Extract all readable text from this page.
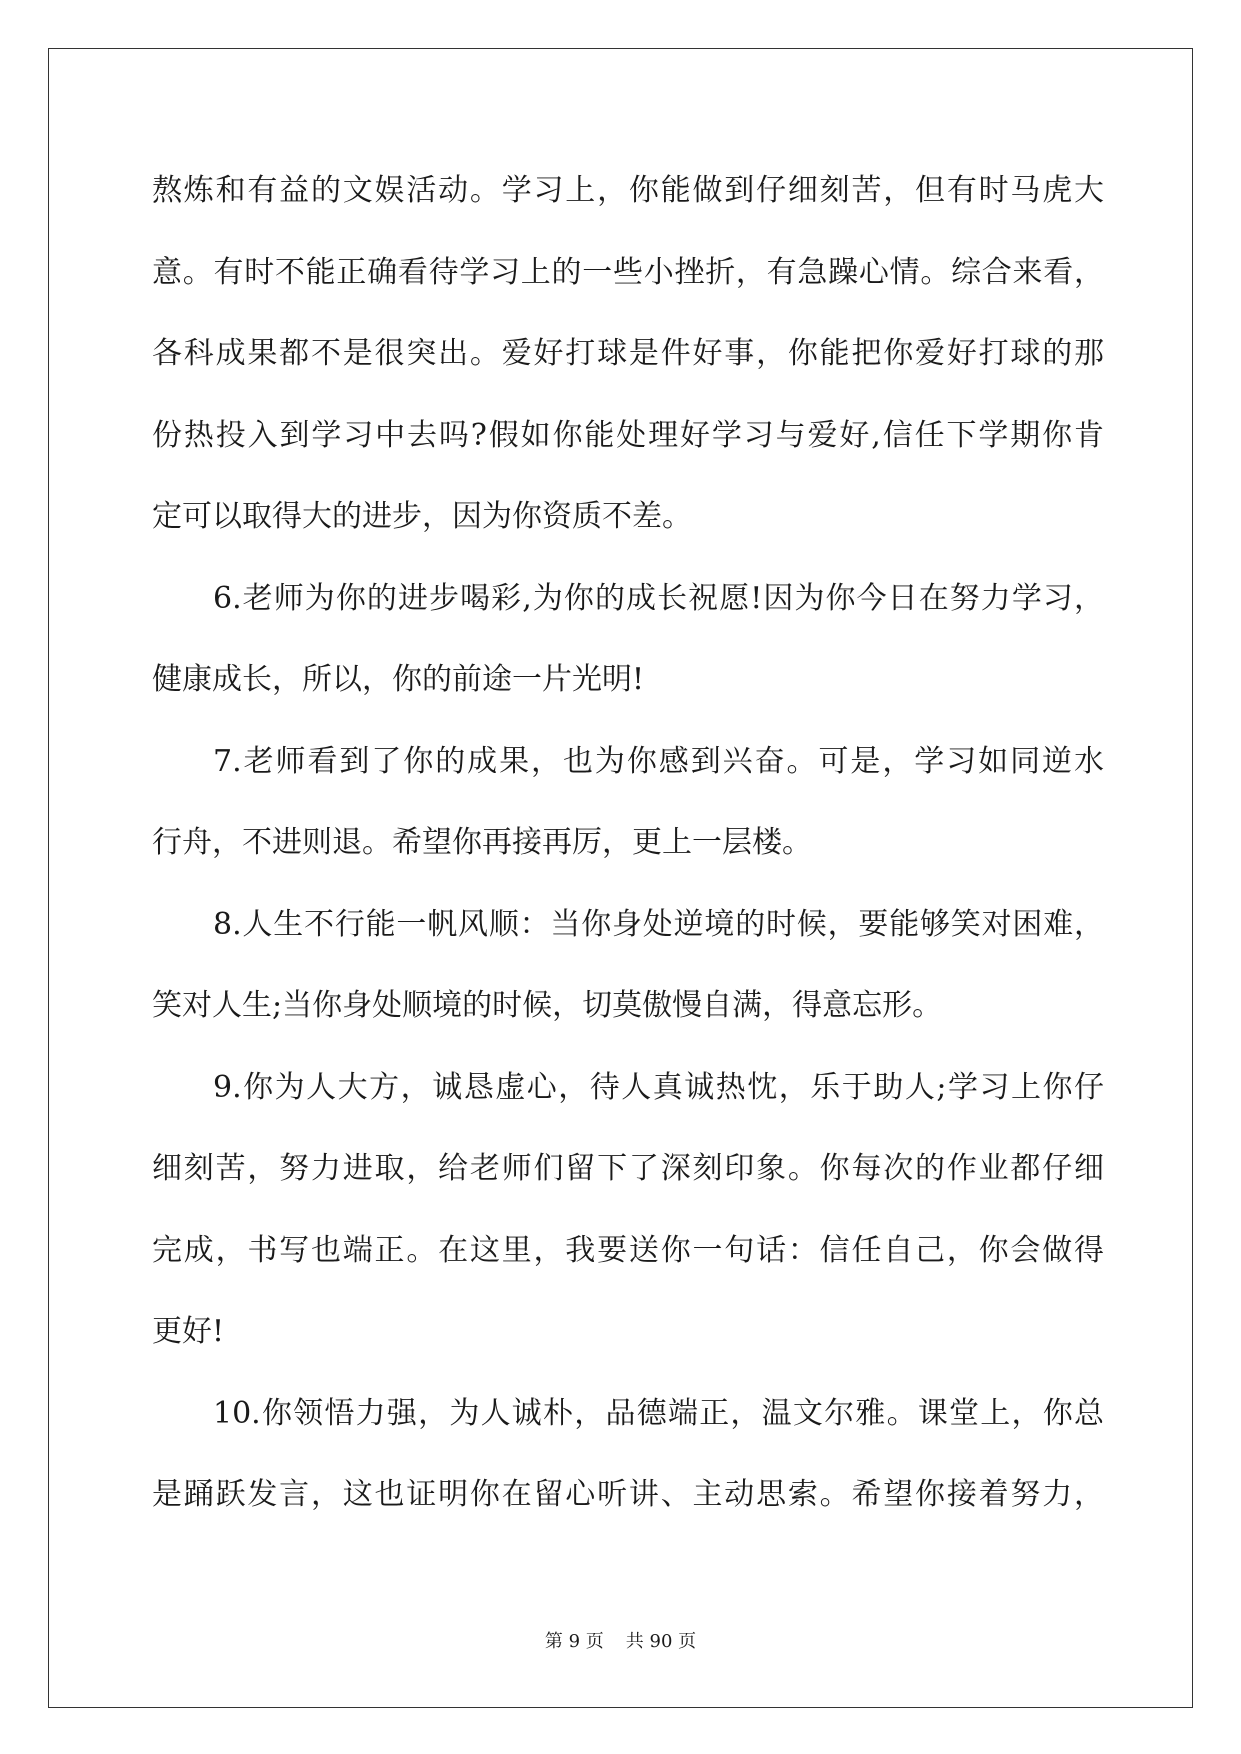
熬炼和有益的文娱活动。学习上，你能做到仔细刻苦，但有时马虎大
意。有时不能正确看待学习上的一些小挫折，有急躁心情。综合来看，
各科成果都不是很突出。爱好打球是件好事，你能把你爱好打球的那
份热投入到学习中去吗?假如你能处理好学习与爱好,信任下学期你肯
定可以取得大的进步，因为你资质不差。
6.老师为你的进步喝彩,为你的成长祝愿!因为你今日在努力学习，
健康成长，所以，你的前途一片光明!
7.老师看到了你的成果，也为你感到兴奋。可是，学习如同逆水
行舟，不进则退。希望你再接再厉，更上一层楼。
8.人生不行能一帆风顺：当你身处逆境的时候，要能够笑对困难，
笑对人生;当你身处顺境的时候，切莫傲慢自满，得意忘形。
9.你为人大方，诚恳虚心，待人真诚热忱，乐于助人;学习上你仔
细刻苦，努力进取，给老师们留下了深刻印象。你每次的作业都仔细
完成，书写也端正。在这里，我要送你一句话：信任自己，你会做得
更好!
10.你领悟力强，为人诚朴，品德端正，温文尔雅。课堂上，你总
是踊跃发言，这也证明你在留心听讲、主动思索。希望你接着努力，
第 9 页 共 90 页
